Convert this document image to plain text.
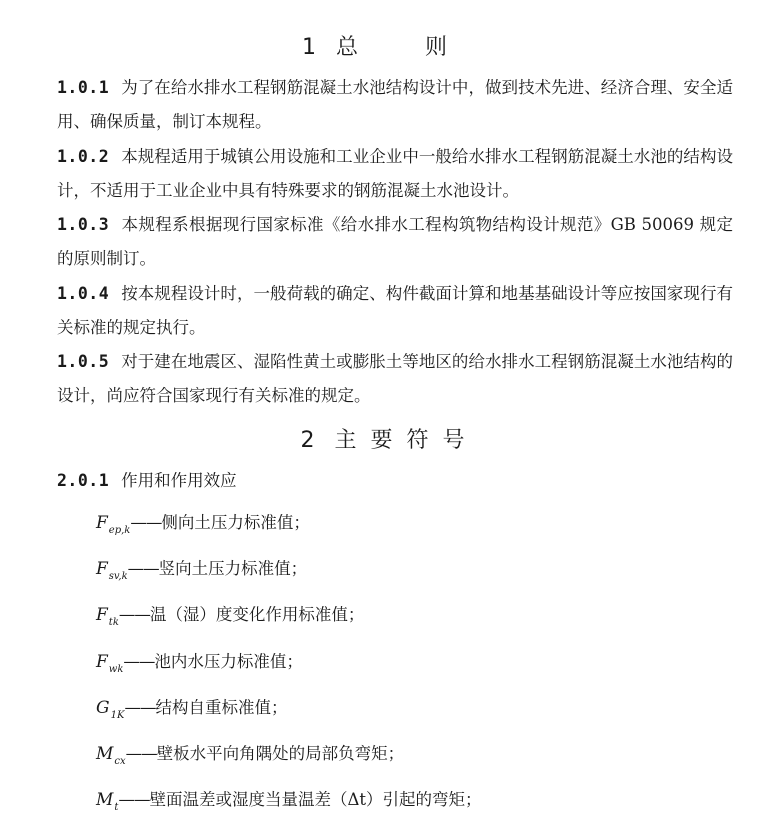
1 总 则
1.0.1 为了在给水排水工程钢筋混凝土水池结构设计中，做到技术先进、经济合理、安全适用、确保质量，制订本规程。
1.0.2 本规程适用于城镇公用设施和工业企业中一般给水排水工程钢筋混凝土水池的结构设计，不适用于工业企业中具有特殊要求的钢筋混凝土水池设计。
1.0.3 本规程系根据现行国家标准《给水排水工程构筑物结构设计规范》GB 50069 规定的原则制订。
1.0.4 按本规程设计时，一般荷载的确定、构件截面计算和地基基础设计等应按国家现行有关标准的规定执行。
1.0.5 对于建在地震区、湿陷性黄土或膨胀土等地区的给水排水工程钢筋混凝土水池结构的设计，尚应符合国家现行有关标准的规定。
2 主要符号
2.0.1 作用和作用效应
$F_{ep,k}——$侧向土压力标准值；
$F_{sv,k}——$竖向土压力标准值；
$F_{tk}——$温（湿）度变化作用标准值；
$F_{wk}——$池内水压力标准值；
$G_{1K}——$结构自重标准值；
$M_{cx}——$壁板水平向角隅处的局部负弯矩；
$M_t——$壁面温差或湿度当量温差（Δt）引起的弯矩；
